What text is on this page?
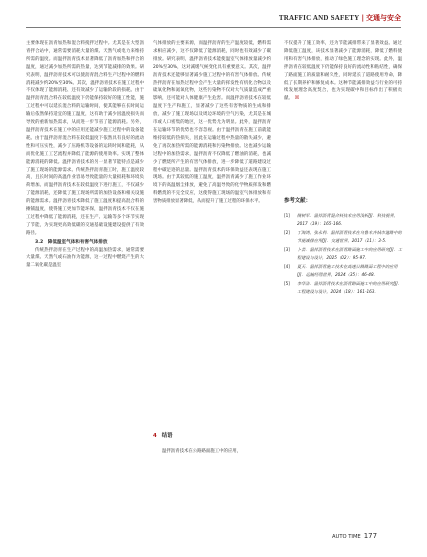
TRAFFIC AND SAFETY | 交通与安全

主要体现在沥青加热和混合料搅拌过程中。尤其是在大型沥青拌合站中，通常需要消耗大量的煤、天然气或电力来维持所需的温度。而温拌沥青技术显著降低了沥青加热和拌合的温度，通过减少加热所需的热量，达到节能减排的效果。研究表明，温拌沥青技术可以使沥青混合料生产过程中的燃料消耗减少约20%至30%。其次，温拌沥青技术在施工过程中不仅体现了能源消耗、还有效减少了运输阶段的损耗。由于温拌沥青混合料在较低温度下仍能保持较好的施工性能，施工过程中可以延长混合料的运输时间，使其能够在长时间运输后依然保持适宜的施工温度，这有助于减少因温度损失而导致的重新加热需求，从而进一步节省了能源消耗。另外，温拌沥青技术在施工中的应用还能减少施工过程中的设备能耗。由于温拌沥青混合料在较低温度下依然具有良好的流动性和可压实性，减少了压路机等设备的运转时间和能耗，从而优化施工工艺流程并降低了能源的使用效率。实现了整体能源消耗的降低。温拌沥青技术的另一显著节能特点是减少了施工现场的能源需求。传统热拌沥青施工时，施工温度较高，且长时间的高温作业容易导致能量的大量损耗和环境负荷增加。而温拌沥青技术在较低温度下进行施工，不仅减少了能源消耗，还降低了施工现场所需的加热设备和相关设施的能源需求。温拌沥青技术降低了施工温度和提高混合料的摊铺温度，使得施工更加节能环保，温拌沥青技术不仅在施工过程中降低了能源消耗，还在生产、运输等多个环节实现了节能，为实现更高效低碳的交通基础设施建设提供了有效路径。

3.2　降低温室气体和有害气体排放

传统热拌沥青在生产过程中的高温加热需求，通常需要大量煤、天然气或石油作为能源，这一过程中燃烧产生的大量二氧化碳是温室

气体排放的主要来源，而温拌沥青的生产温度较低，燃料需求相应减少，这不仅降低了能源消耗，同时也有效减少了碳排放。研究表明，温拌沥青技术能使温室气体排放量减少约20%至30%，这对减缓气候变化具有重要意义。其次，温拌沥青技术还能够显著减少施工过程中的有害气体排放。传统热拌沥青在加热过程中会产生大量的挥发性有机化合物以及硫氧化物和氮氧化物，这些污染物不仅对大气质量造成严重影响，还可能对人体健康产生危害。而温拌沥青技术在较低温度下生产和施工，显著减少了这些有害物质的生成和排放，减少了施工现场以及周边环境的空气污染，尤其是在城市或人口密集的地区，这一优势尤为明显。此外，温拌沥青在运输环节的优势也不容忽视。由于温拌沥青在施工前就能维持较低的热损失，因此在运输过程中热量的散失减少，避免了再次加热所需的能源消耗和污染物排放。这也减少运输过程中的加热需求，温拌沥青不仅降低了燃油的消耗，也减少了燃烧所产生的有害气体排放，进一步降低了道路建设过程中碳足迹的总量。温拌沥青技术的环保效益还表现在施工现场。由于其较低的施工温度，温拌沥青减少了施工作业环境下的高温烟尘排放，避免了高温导致的化学物质挥发和燃料燃烧的不完全反应，这使得施工现场的温室气体排放和有害物质排放显著降低，从而提升了施工过程的环保水平。

4 结语

温拌沥青技术在公路路面施工中的应用，

不仅提升了施工效率，还为节能减排带来了显著效益。通过降低施工温度，该技术显著减少了能源消耗，降低了燃料使用和有害气体排放，推动了绿色施工理念的实现。此外，温拌沥青在较低温度下仍能保持良好的流动性和粘结性，确保了路面施工的质量和耐久性，同时延长了道路使用寿命，降低了长期养护和修复成本。这种节能减排效益与行业的可持续发展理念高度契合，也为实现碳中和目标作出了积极贡献。 ☒

参考文献：
[1] 隋树军．温拌沥青混合料技术应用浅析[J]．科技视界，2017（19）：165-166.
[2] 丁海鸿，张永利．温拌沥青技术在乌鲁木齐城市道路中的节能减排应用[J]．交通世界，2017（11）：3-5.
[3] 卜芸．温拌沥青技术在沥青路面施工中的应用研究[J]．工程建设与设计，2025（02）：95-97.
[4] 夏天．温拌沥青施工技术在高速公路路面工程中的应用[J]．运输经理世界，2024（35）：46-48.
[5] 李华洁．温拌沥青技术在沥青路面施工中的应用研究[J]．工程建设与设计，2024（18）：161-163.
AUTO TIME 177
